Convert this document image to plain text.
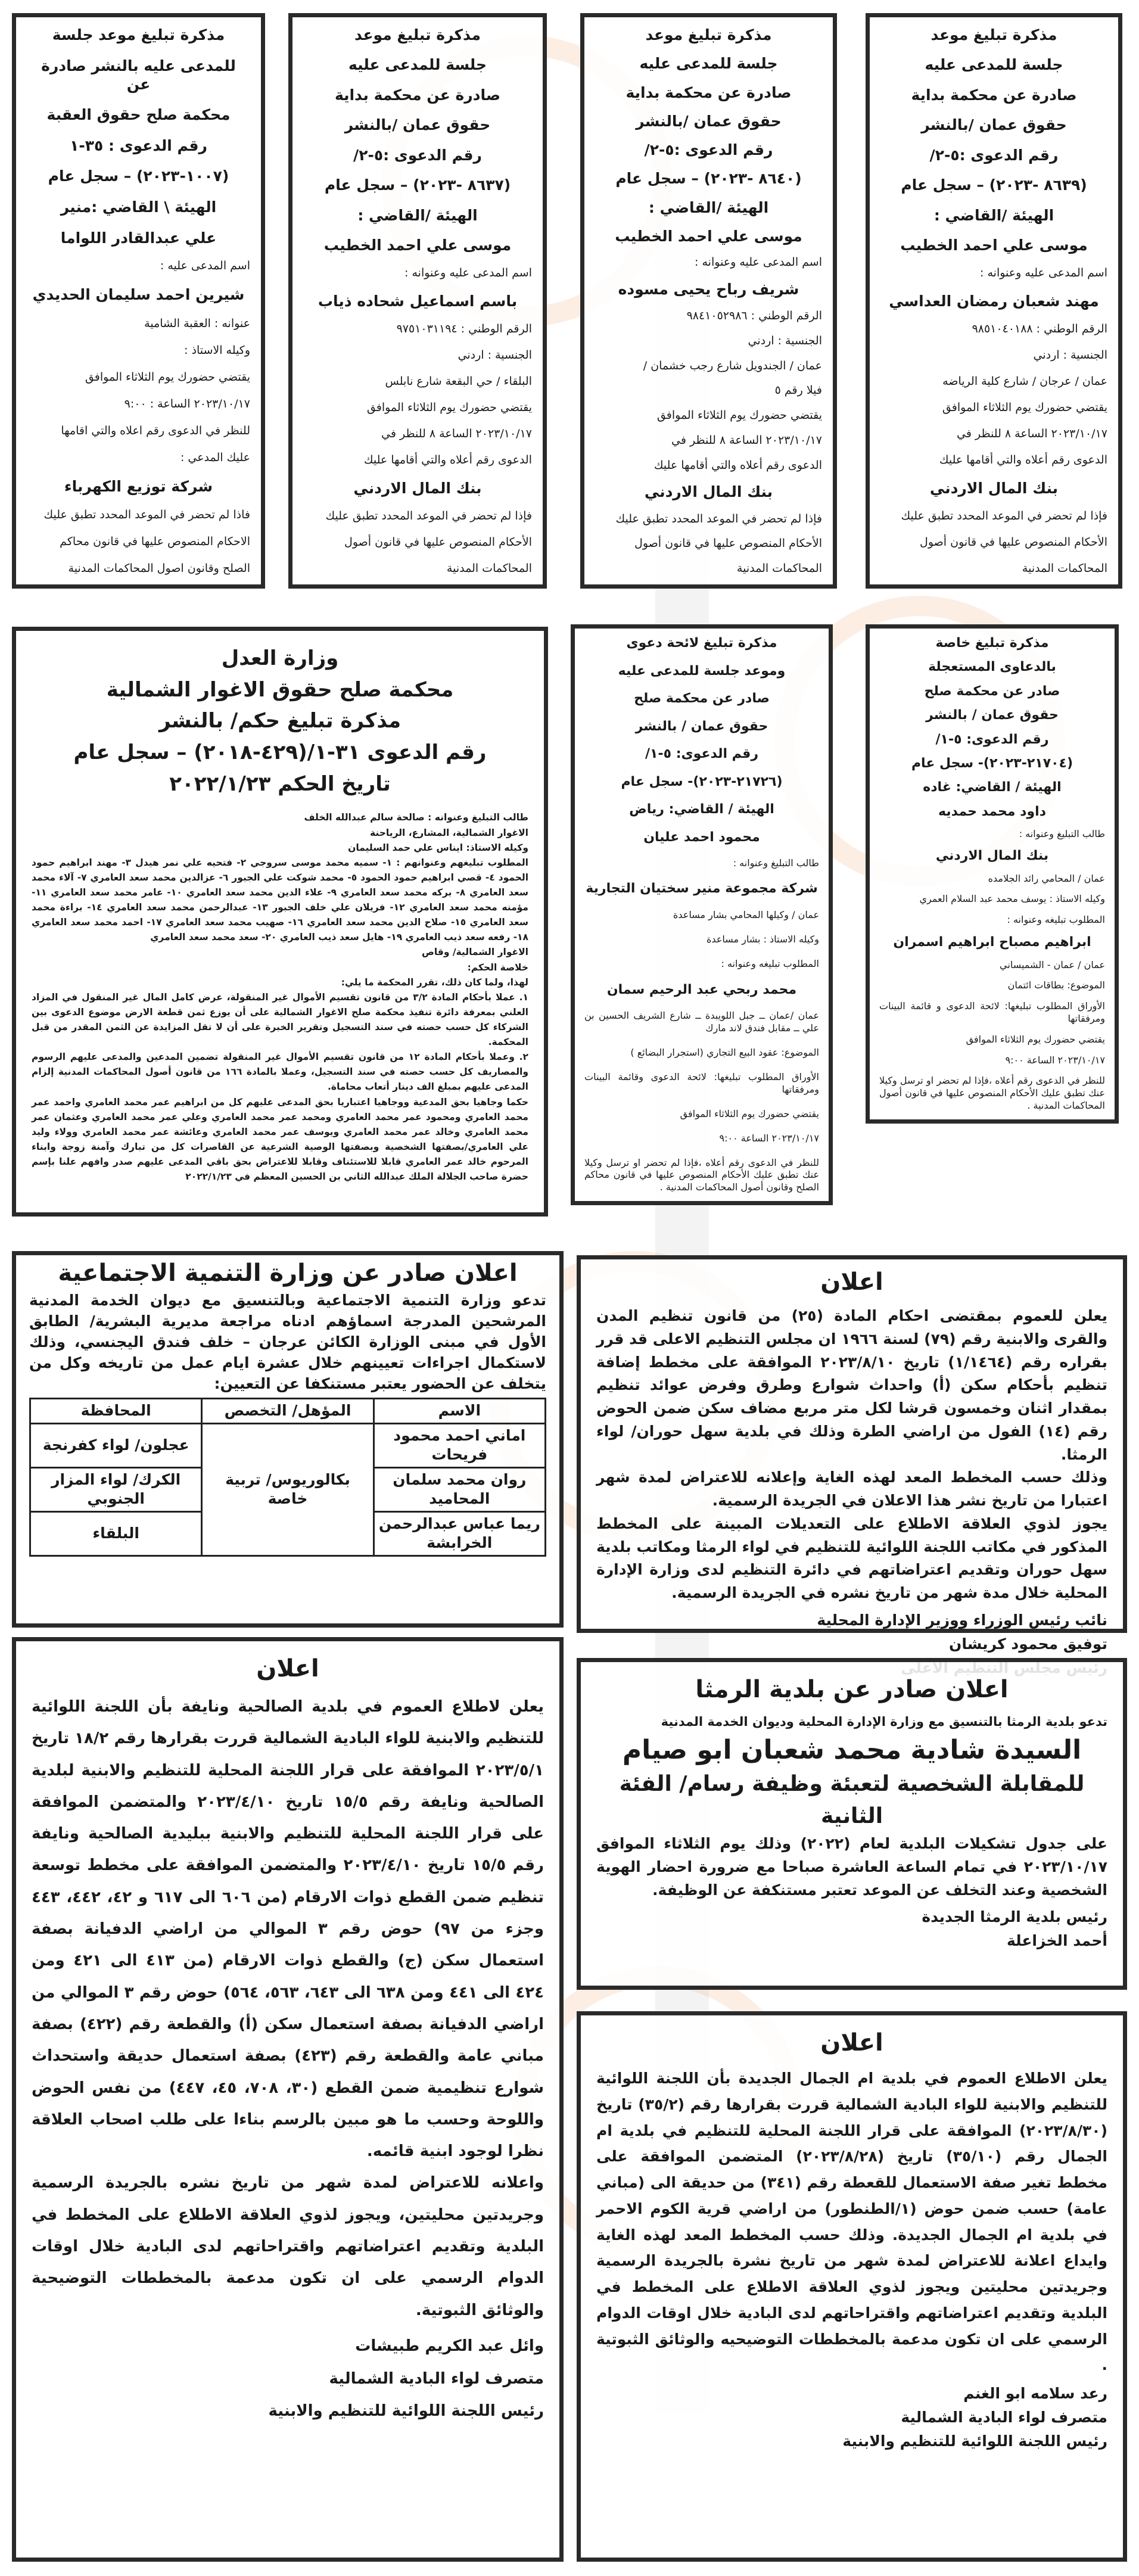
مذكرة تبليغ موعد
جلسة للمدعى عليه
صادرة عن محكمة بداية
حقوق عمان /بالنشر
رقم الدعوى :٥-٢/
(٨٦٣٩ -٢٠٢٣) – سجل عام
الهيئة /القاضي :
موسى علي احمد الخطيب
اسم المدعى عليه وعنوانه :
مهند شعبان رمضان العداسي
الرقم الوطني : ٩٨٥١٠٤٠١٨٨
الجنسية : اردني
عمان / عرجان / شارع كلية الرياضه
يقتضي حضورك يوم الثلاثاء الموافق
٢٠٢٣/١٠/١٧ الساعة ٨ للنظر في
الدعوى رقم أعلاه والتي أقامها عليك
بنك المال الاردني
فإذا لم تحضر في الموعد المحدد تطبق عليك
الأحكام المنصوص عليها في قانون أصول
المحاكمات المدنية
مذكرة تبليغ موعد
جلسة للمدعى عليه
صادرة عن محكمة بداية
حقوق عمان /بالنشر
رقم الدعوى :٥-٢/
(٨٦٤٠ -٢٠٢٣) – سجل عام
الهيئة /القاضي :
موسى علي احمد الخطيب
اسم المدعى عليه وعنوانه :
شريف رباح يحيى مسوده
الرقم الوطني : ٩٨٤١٠٥٢٩٨٦
الجنسية : اردني
عمان / الجندويل شارع رجب خشمان /
فيلا رقم ٥
يقتضي حضورك يوم الثلاثاء الموافق
٢٠٢٣/١٠/١٧ الساعة ٨ للنظر في
الدعوى رقم أعلاه والتي أقامها عليك
بنك المال الاردني
فإذا لم تحضر في الموعد المحدد تطبق عليك
الأحكام المنصوص عليها في قانون أصول
المحاكمات المدنية
مذكرة تبليغ موعد
جلسة للمدعى عليه
صادرة عن محكمة بداية
حقوق عمان /بالنشر
رقم الدعوى :٥-٢/
(٨٦٣٧ -٢٠٢٣) – سجل عام
الهيئة /القاضي :
موسى علي احمد الخطيب
اسم المدعى عليه وعنوانه :
باسم اسماعيل شحاده ذياب
الرقم الوطني : ٩٧٥١٠٣١١٩٤
الجنسية : اردني
البلقاء / حي البقعة شارع نابلس
يقتضي حضورك يوم الثلاثاء الموافق
٢٠٢٣/١٠/١٧ الساعة ٨ للنظر في
الدعوى رقم أعلاه والتي أقامها عليك
بنك المال الاردني
فإذا لم تحضر في الموعد المحدد تطبق عليك
الأحكام المنصوص عليها في قانون أصول
المحاكمات المدنية
مذكرة تبليغ موعد جلسة
للمدعى عليه بالنشر صادرة عن
محكمة صلح حقوق العقبة
رقم الدعوى : ٣٥-١
(١٠٠٧-٢٠٢٣) – سجل عام
الهيئة \ القاضي :منير
علي عبدالقادر اللواما
اسم المدعى عليه :
شيرين احمد سليمان الحديدي
عنوانه : العقبة الشامية
وكيله الاستاذ :
يقتضي حضورك يوم الثلاثاء الموافق
٢٠٢٣/١٠/١٧ الساعة : ٩:٠٠
للنظر في الدعوى رقم اعلاه والتي اقامها
عليك المدعي :
شركة توزيع الكهرباء
فاذا لم تحضر في الموعد المحدد تطبق عليك
الاحكام المنصوص عليها في قانون محاكم
الصلح وقانون اصول المحاكمات المدنية
مذكرة تبليغ خاصة
بالدعاوى المستعجلة
صادر عن محكمة صلح
حقوق عمان / بالنشر
رقم الدعوى: ٥-١/
(٢١٧٠٤-٢٠٢٣)- سجل عام
الهيئة / القاضي: غاده
داود محمد حمديه
طالب التبليغ وعنوانه :
بنك المال الاردني
عمان / المحامي رائد الجلامده
وكيله الاستاذ : يوسف محمد عبد السلام العمري
المطلوب تبليغه وعنوانه :
ابراهيم مصباح ابراهيم اسمران
عمان / عمان - الشميساني
الموضوع: بطاقات ائتمان
الأوراق المطلوب تبليغها: لائحة الدعوى و قائمة البينات ومرفقاتها
يقتضي حضورك يوم الثلاثاء الموافق
٢٠٢٣/١٠/١٧ الساعة ٩:٠٠
للنظر في الدعوى رقم أعلاه ،فإذا لم تحضر او ترسل وكيلا عنك تطبق عليك الأحكام المنصوص عليها في قانون أصول المحاكمات المدنية .
مذكرة تبليغ لائحة دعوى
وموعد جلسة للمدعى عليه
صادر عن محكمة صلح
حقوق عمان / بالنشر
رقم الدعوى: ٥-١/
(٢١٧٢٦-٢٠٢٣)- سجل عام
الهيئة / القاضي: رياض
محمود احمد عليان
طالب التبليغ وعنوانه :
شركة مجموعة منير سختيان التجارية
عمان / وكيلها المحامي بشار مساعدة
وكيله الاستاذ : بشار مساعدة
المطلوب تبليغه وعنوانه :
محمد ربحي عبد الرحيم سمان
عمان /عمان ــ جبل اللويبدة ــ شارع الشريف الحسين بن علي ــ مقابل فندق لاند مارك
الموضوع: عقود البيع التجاري (استجرار البضائع )
الأوراق المطلوب تبليغها: لائحة الدعوى وقائمة البينات ومرفقاتها
يقتضي حضورك يوم الثلاثاء الموافق
٢٠٢٣/١٠/١٧ الساعة ٩:٠٠
للنظر في الدعوى رقم أعلاه ،فإذا لم تحضر او ترسل وكيلا عنك تطبق عليك الأحكام المنصوص عليها في قانون محاكم الصلح وقانون أصول المحاكمات المدنية .
وزارة العدل
محكمة صلح حقوق الاغوار الشمالية
مذكرة تبليغ حكم/ بالنشر
رقم الدعوى ٣١-١/(٤٢٩-٢٠١٨) – سجل عام
تاريخ الحكم ٢٠٢٢/١/٢٣
طالب التبليغ وعنوانه : صالحة سالم عبدالله الخلف
الاغوار الشمالية، المشارع، الرياحنة
وكيله الاستاذ: ايناس علي حمد السليمان
المطلوب تبليغهم وعنوانهم : ١- سميه محمد موسى سروجي ٢- فتحيه علي نمر هيدل ٣- مهند ابراهيم حمود الحمود ٤- قصي ابراهيم حمود الحمود ٥- محمد شوكت علي الجبور ٦- عزالدين محمد سعد العامري ٧- آلاء محمد سعد العامري ٨- بركه محمد سعد العامري ٩- علاء الدين محمد سعد العامري ١٠- عامر محمد سعد العامري ١١- مؤمنه محمد سعد العامري ١٢- فريلان علي خلف الجبور ١٣- عبدالرحمن محمد سعد العامري ١٤- براءة محمد سعد العامري ١٥- صلاح الدين محمد سعد العامري ١٦- صهيب محمد سعد العامري ١٧- احمد محمد سعد العامري ١٨- رفعه سعد ذيب العامري ١٩- هايل سعد ذيب العامري ٢٠- سعد محمد سعد العامري
الاغوار الشمالية/ وقاص
خلاصة الحكم:
لهذا، ولما كان ذلك، تقرر المحكمة ما يلي:
١. عملا بأحكام المادة ٣/٢ من قانون تقسيم الأموال غير المنقولة، عرض كامل المال غير المنقول في المزاد العلني بمعرفة دائرة تنفيذ محكمة صلح الاغوار الشمالية على أن يوزع ثمن قطعة الارض موضوع الدعوى بين الشركاء كل حسب حصته في سند التسجيل وتقرير الخبرة على أن لا تقل المزايدة عن الثمن المقدر من قبل المحكمة.
٢. وعملا بأحكام المادة ١٢ من قانون تقسيم الأموال غير المنقولة تضمين المدعين والمدعى عليهم الرسوم والمصاريف كل حسب حصته في سند التسجيل، وعملا بالمادة ١٦٦ من قانون أصول المحاكمات المدنية إلزام المدعى عليهم بمبلغ الف دينار أتعاب محاماة.
حكما وجاهيا بحق المدعية ووجاهيا اعتباريا بحق المدعى عليهم كل من ابراهيم عمر محمد العامري واحمد عمر محمد العامري ومحمود عمر محمد العامري ومحمد عمر محمد العامري وعلي عمر محمد العامري وعثمان عمر محمد العامري وخالد عمر محمد العامري ويوسف عمر محمد العامري وعائشة عمر محمد العامري وولاء وليد علي العامري/بصفتها الشخصية وبصفتها الوصية الشرعية عن القاصرات كل من تبارك وآمنة زوجة وابناء المرحوم خالد عمر العامري قابلا للاستئناف وقابلا للاعتراض بحق باقي المدعى عليهم صدر وافهم علنا بإسم حضرة صاحب الجلالة الملك عبدالله الثاني بن الحسين المعظم في ٢٠٢٢/١/٢٣
اعلان
يعلن للعموم بمقتضى احكام المادة (٢٥) من قانون تنظيم المدن والقرى والابنية رقم (٧٩) لسنة ١٩٦٦ ان مجلس التنظيم الاعلى قد قرر بقراره رقم (١/١٤٦٤) تاريخ ٢٠٢٣/٨/١٠ الموافقة على مخطط إضافة تنظيم بأحكام سكن (أ) واحداث شوارع وطرق وفرض عوائد تنظيم بمقدار اثنان وخمسون قرشا لكل متر مربع مضاف سكن ضمن الحوض رقم (١٤) الفول من اراضي الطرة وذلك في بلدية سهل حوران/ لواء الرمثا.
وذلك حسب المخطط المعد لهذه الغاية وإعلانه للاعتراض لمدة شهر اعتبارا من تاريخ نشر هذا الاعلان في الجريدة الرسمية.
يجوز لذوي العلاقة الاطلاع على التعديلات المبينة على المخطط المذكور في مكاتب اللجنة اللوائية للتنظيم في لواء الرمثا ومكاتب بلدية سهل حوران وتقديم اعتراضاتهم في دائرة التنظيم لدى وزارة الإدارة المحلية خلال مدة شهر من تاريخ نشره في الجريدة الرسمية.
نائب رئيس الوزراء ووزير الإدارة المحلية
توفيق محمود كريشان
اعلان صادر عن وزارة التنمية الاجتماعية
تدعو وزارة التنمية الاجتماعية وبالتنسيق مع ديوان الخدمة المدنية المرشحين المدرجة اسماؤهم ادناه مراجعة مديرية البشرية/ الطابق الأول في مبنى الوزارة الكائن عرجان – خلف فندق اليجنسي، وذلك لاستكمال اجراءات تعيينهم خلال عشرة ايام عمل من تاريخه وكل من يتخلف عن الحضور يعتبر مستنكفا عن التعيين:
الاسم	المؤهل/ التخصص	المحافظة
اماني احمد محمود فريحات	بكالوريوس/ تربية خاصة	عجلون/ لواء كفرنجة
روان محمد سلمان المحاميد		الكرك/ لواء المزار الجنوبي
ريما عباس عبدالرحمن الخرابشة		البلقاء
اعلان صادر عن بلدية الرمثا
تدعو بلدية الرمثا بالتنسيق مع وزارة الإدارة المحلية وديوان الخدمة المدنية
السيدة شادية محمد شعبان ابو صيام
للمقابلة الشخصية لتعبئة وظيفة رسام/ الفئة الثانية
على جدول تشكيلات البلدية لعام (٢٠٢٢) وذلك يوم الثلاثاء الموافق ٢٠٢٣/١٠/١٧ في تمام الساعة العاشرة صباحا مع ضرورة احضار الهوية الشخصية وعند التخلف عن الموعد تعتبر مستنكفة عن الوظيفة.
رئيس بلدية الرمثا الجديدة
أحمد الخزاعلة
اعلان
يعلن الاطلاع العموم في بلدية ام الجمال الجديدة بأن اللجنة اللوائية للتنظيم والابنية للواء البادية الشمالية قررت بقرارها رقم (٣٥/٢) تاريخ (٢٠٢٣/٨/٣٠) الموافقة على قرار اللجنة المحلية للتنظيم في بلدية ام الجمال رقم (٣٥/١٠) تاريخ (٢٠٢٣/٨/٢٨) المتضمن الموافقة على مخطط تغير صفة الاستعمال للقعطة رقم (٣٤١) من حديقة الى (مباني عامة) حسب ضمن حوض (١/الطنطور) من اراضي قرية الكوم الاحمر في بلدية ام الجمال الجديدة. وذلك حسب المخطط المعد لهذه الغاية وايداع اعلانة للاعتراض لمدة شهر من تاريخ نشرة بالجريدة الرسمية وجريدتين محليتين ويجوز لذوي العلاقة الاطلاع على المخطط في البلدية وتقديم اعتراضاتهم واقتراحاتهم لدى البادية خلال اوقات الدوام الرسمي على ان تكون مدعمة بالمخططات التوضيحيه والوثائق الثبوتية .
رعد سلامه ابو الغنم
متصرف لواء البادية الشمالية
رئيس اللجنة اللوائية للتنظيم والابنية
اعلان
يعلن لاطلاع العموم في بلدية الصالحية ونايفة بأن اللجنة اللوائية للتنظيم والابنية للواء البادية الشمالية قررت بقرارها رقم ١٨/٢ تاريخ ٢٠٢٣/٥/١ الموافقة على قرار اللجنة المحلية للتنظيم والابنية لبلدية الصالحية ونايفة رقم ١٥/٥ تاريخ ٢٠٢٣/٤/١٠ والمتضمن الموافقة على قرار اللجنة المحلية للتنظيم والابنية ببليدية الصالحية ونايفة رقم ١٥/٥ تاريخ ٢٠٢٣/٤/١٠ والمتضمن الموافقة على مخطط توسعة تنظيم ضمن القطع ذوات الارقام (من ٦٠٦ الى ٦١٧ و ٤٢، ٤٤٢، ٤٤٣ وجزء من ٩٧) حوض رقم ٣ الموالي من اراضي الدفيانة بصفة استعمال سكن (ج) والقطع ذوات الارقام (من ٤١٣ الى ٤٢١ ومن ٤٢٤ الى ٤٤١ ومن ٦٣٨ الى ٦٤٣، ٥٦٣، ٥٦٤) حوض رقم ٣ الموالي من اراضي الدفيانة بصفة استعمال سكن (أ) والقطعة رقم (٤٢٢) بصفة مباني عامة والقطعة رقم (٤٢٣) بصفة استعمال حديقة واستحداث شوارع تنظيمية ضمن القطع (٣٠، ٧٠٨، ٤٥، ٤٤٧) من نفس الحوض واللوحة وحسب ما هو مبين بالرسم بناءا على طلب اصحاب العلاقة نظرا لوجود ابنية قائمه.
واعلانه للاعتراض لمدة شهر من تاريخ نشره بالجريدة الرسمية وجريدتين محليتين، ويجوز لذوي العلاقة الاطلاع على المخطط في البلدية وتقديم اعتراضاتهم واقتراحاتهم لدى البادية خلال اوقات الدوام الرسمي على ان تكون مدعمة بالمخططات التوضيحية والوثائق الثبوتية.
وائل عبد الكريم طبيشات
متصرف لواء البادية الشمالية
رئيس اللجنة اللوائية للتنظيم والابنية
